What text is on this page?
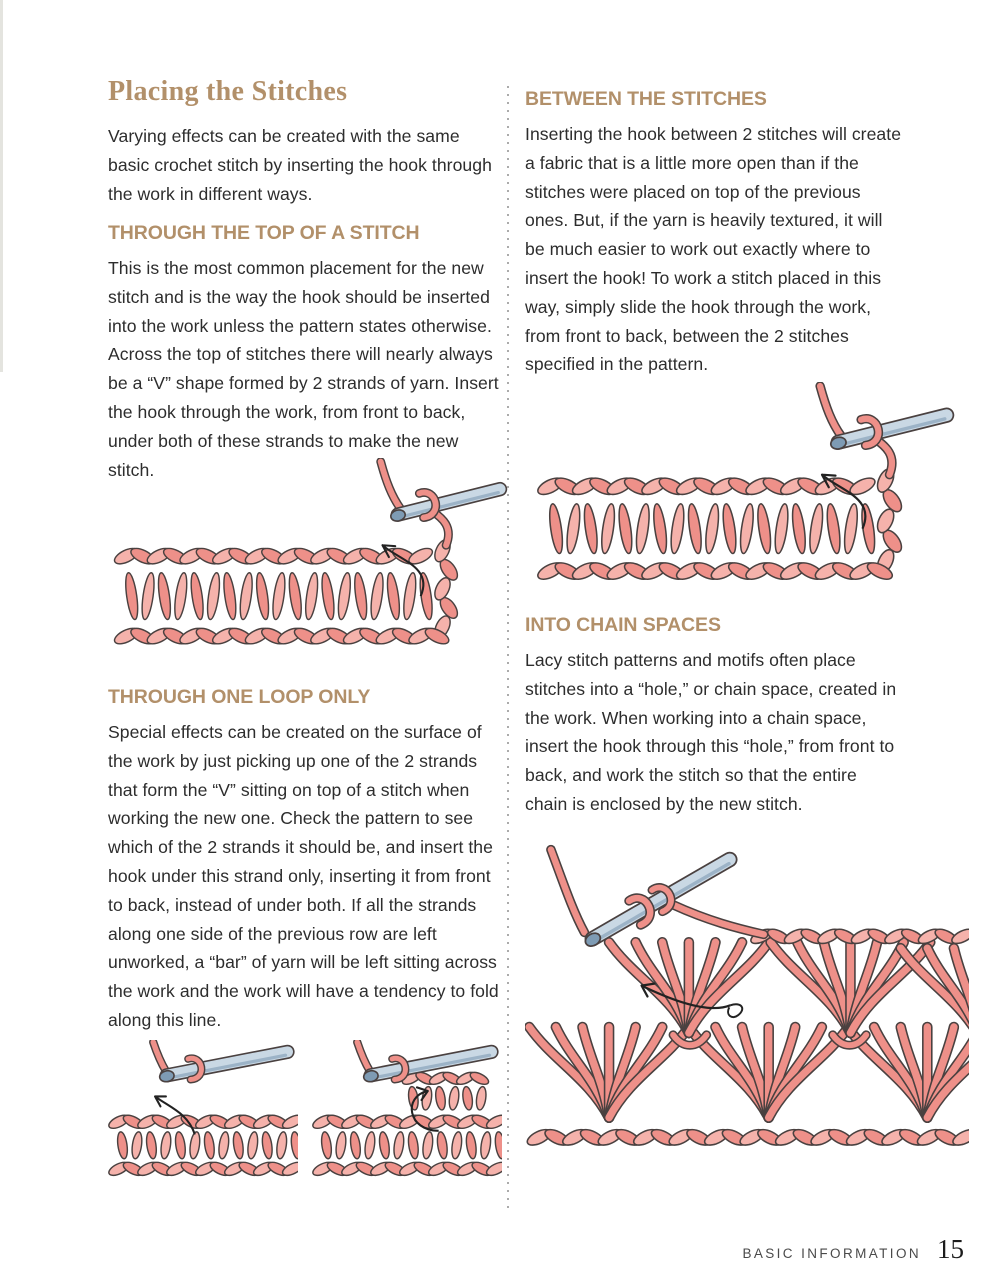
Placing the Stitches

Varying effects can be created with the same basic crochet stitch by inserting the hook through the work in different ways.

THROUGH THE TOP OF A STITCH

This is the most common placement for the new stitch and is the way the hook should be inserted into the work unless the pattern states otherwise. Across the top of stitches there will nearly always be a “V” shape formed by 2 strands of yarn. Insert the hook through the work, from front to back, under both of these strands to make the new stitch.

THROUGH ONE LOOP ONLY

Special effects can be created on the surface of the work by just picking up one of the 2 strands that form the “V” sitting on top of a stitch when working the new one. Check the pattern to see which of the 2 strands it should be, and insert the hook under this strand only, inserting it from front to back, instead of under both. If all the strands along one side of the previous row are left unworked, a “bar” of yarn will be left sitting across the work and the work will have a tendency to fold along this line.

BETWEEN THE STITCHES

Inserting the hook between 2 stitches will create a fabric that is a little more open than if the stitches were placed on top of the previous ones. But, if the yarn is heavily textured, it will be much easier to work out exactly where to insert the hook! To work a stitch placed in this way, simply slide the hook through the work, from front to back, between the 2 stitches specified in the pattern.

INTO CHAIN SPACES

Lacy stitch patterns and motifs often place stitches into a “hole,” or chain space, created in the work. When working into a chain space, insert the hook through this “hole,” from front to back, and work the stitch so that the entire chain is enclosed by the new stitch.

BASIC INFORMATION 15
